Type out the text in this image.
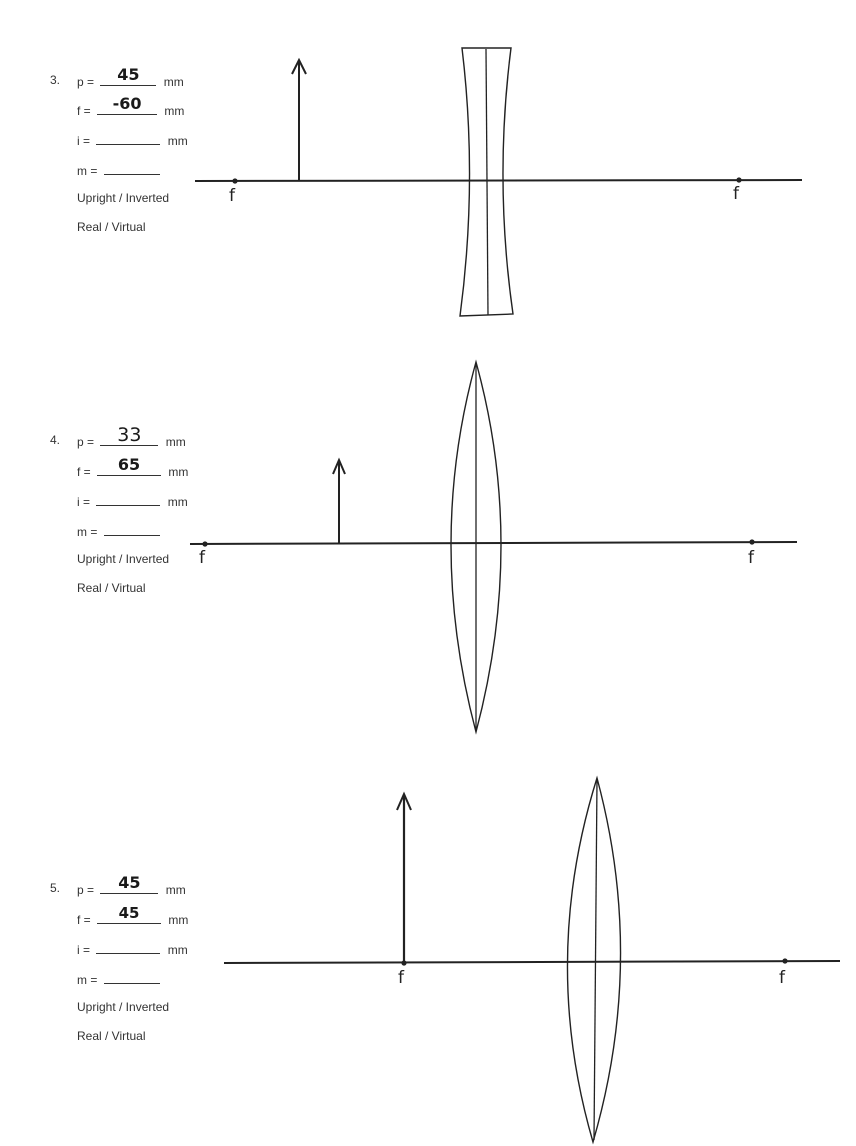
3. p =	45	mm
f =	-60	mm
i =	mm
m =
Upright / Inverted
Real / Virtual
f	f
4. p =	33	mm
f =	65	mm
i =	mm
m =
Upright / Inverted
Real / Virtual
f	f
5. p =	45	mm
f =	45	mm
i =	mm
m =
Upright / Inverted
Real / Virtual
f	f
